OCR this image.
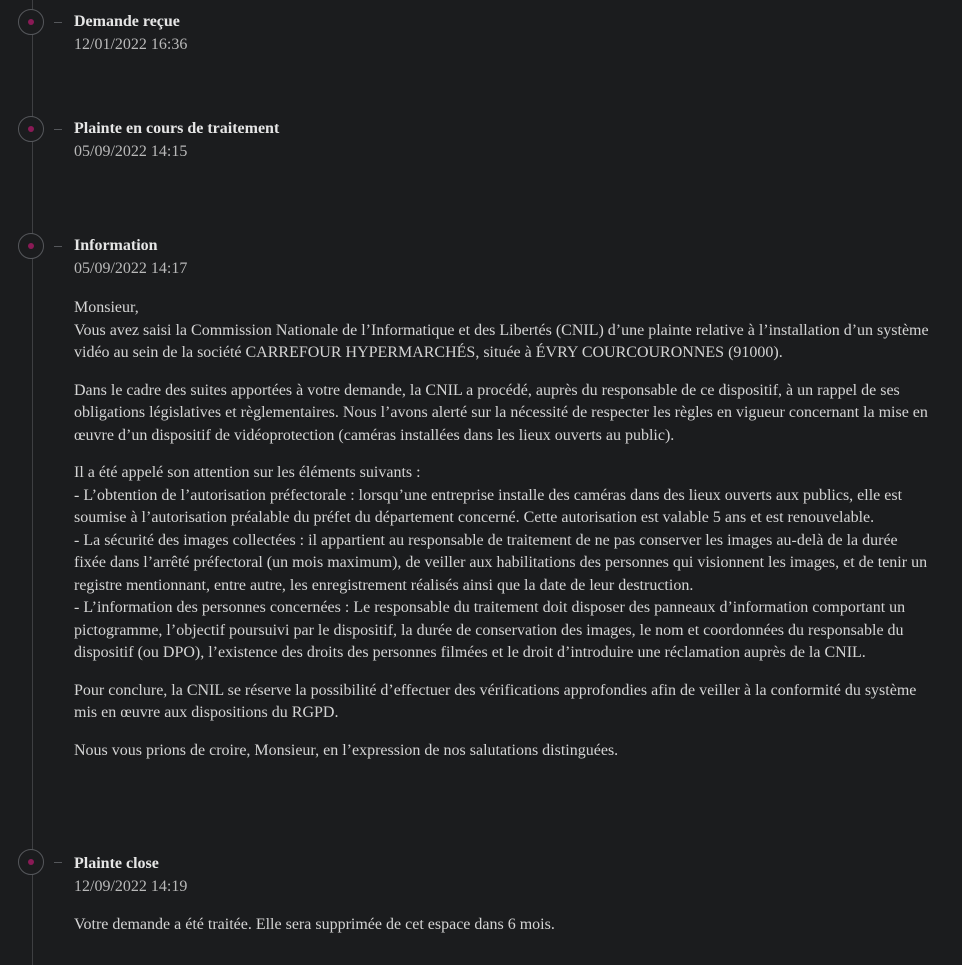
Demande reçue
12/01/2022 16:36
Plainte en cours de traitement
05/09/2022 14:15
Information
05/09/2022 14:17

Monsieur,
Vous avez saisi la Commission Nationale de l’Informatique et des Libertés (CNIL) d’une plainte relative à l’installation d’un système
vidéo au sein de la société CARREFOUR HYPERMARCHÉS, située à ÉVRY COURCOURONNES (91000).

Dans le cadre des suites apportées à votre demande, la CNIL a procédé, auprès du responsable de ce dispositif, à un rappel de ses
obligations législatives et règlementaires. Nous l’avons alerté sur la nécessité de respecter les règles en vigueur concernant la mise en
œuvre d’un dispositif de vidéoprotection (caméras installées dans les lieux ouverts au public).

Il a été appelé son attention sur les éléments suivants :
- L’obtention de l’autorisation préfectorale : lorsqu’une entreprise installe des caméras dans des lieux ouverts aux publics, elle est
soumise à l’autorisation préalable du préfet du département concerné. Cette autorisation est valable 5 ans et est renouvelable.
- La sécurité des images collectées : il appartient au responsable de traitement de ne pas conserver les images au-delà de la durée
fixée dans l’arrêté préfectoral (un mois maximum), de veiller aux habilitations des personnes qui visionnent les images, et de tenir un
registre mentionnant, entre autre, les enregistrement réalisés ainsi que la date de leur destruction.
- L’information des personnes concernées : Le responsable du traitement doit disposer des panneaux d’information comportant un
pictogramme, l’objectif poursuivi par le dispositif, la durée de conservation des images, le nom et coordonnées du responsable du
dispositif (ou DPO), l’existence des droits des personnes filmées et le droit d’introduire une réclamation auprès de la CNIL.

Pour conclure, la CNIL se réserve la possibilité d’effectuer des vérifications approfondies afin de veiller à la conformité du système
mis en œuvre aux dispositions du RGPD.

Nous vous prions de croire, Monsieur, en l’expression de nos salutations distinguées.

Plainte close
12/09/2022 14:19

Votre demande a été traitée. Elle sera supprimée de cet espace dans 6 mois.
